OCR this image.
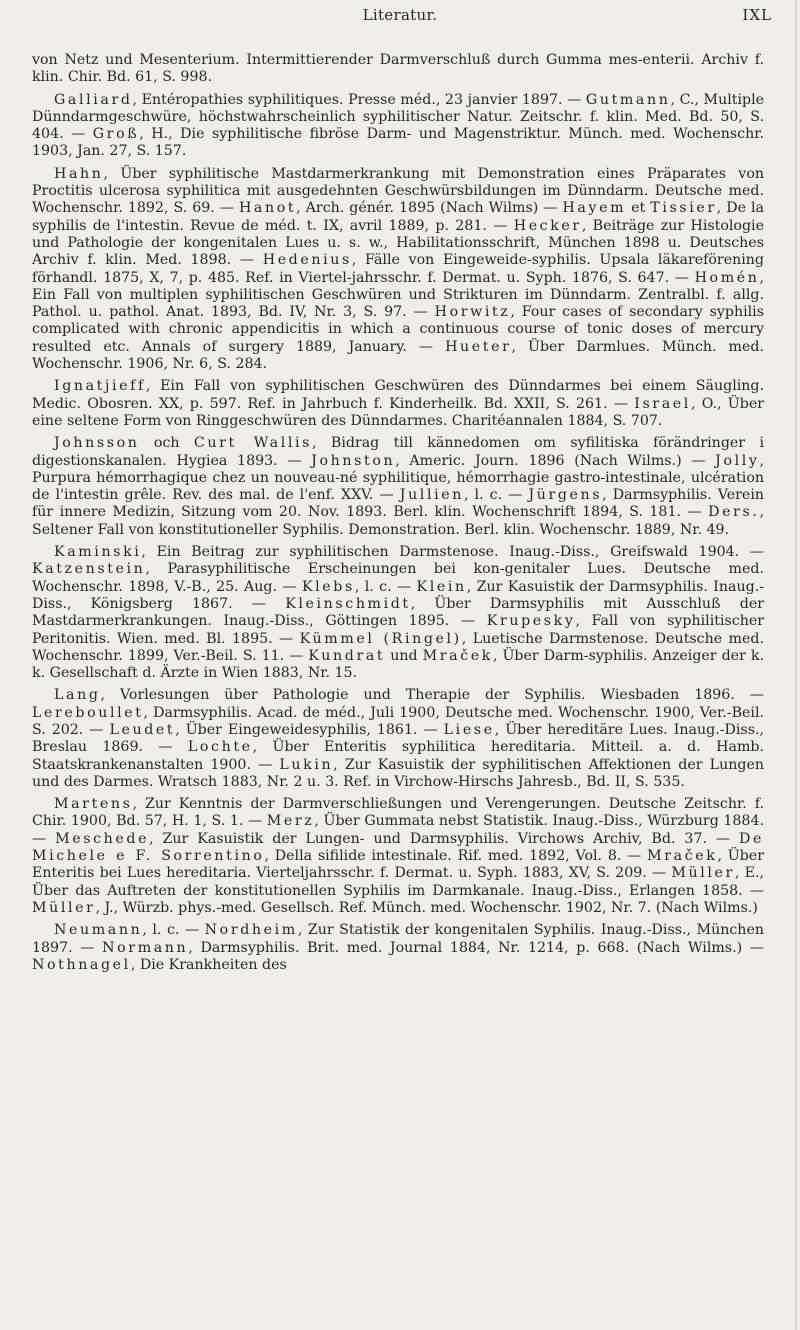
Literatur.	IXL

von Netz und Mesenterium. Intermittierender Darmverschluß durch Gumma mes-enterii. Archiv f. klin. Chir. Bd. 61, S. 998.

Galliard, Entéropathies syphilitiques. Presse méd., 23 janvier 1897. — Gutmann, C., Multiple Dünndarmgeschwüre, höchstwahrscheinlich syphilitischer Natur. Zeitschr. f. klin. Med. Bd. 50, S. 404. — Groß, H., Die syphilitische fibröse Darm- und Magenstriktur. Münch. med. Wochenschr. 1903, Jan. 27, S. 157.

Hahn, Über syphilitische Mastdarmerkrankung mit Demonstration eines Präparates von Proctitis ulcerosa syphilitica mit ausgedehnten Geschwürsbildungen im Dünndarm. Deutsche med. Wochenschr. 1892, S. 69. — Hanot, Arch. génér. 1895 (Nach Wilms) — Hayem et Tissier, De la syphilis de l'intestin. Revue de méd. t. IX, avril 1889, p. 281. — Hecker, Beiträge zur Histologie und Pathologie der kongenitalen Lues u. s. w., Habilitationsschrift, München 1898 u. Deutsches Archiv f. klin. Med. 1898. — Hedenius, Fälle von Eingeweide-syphilis. Upsala läkareförening förhandl. 1875, X, 7, p. 485. Ref. in Viertel-jahrsschr. f. Dermat. u. Syph. 1876, S. 647. — Homén, Ein Fall von multiplen syphilitischen Geschwüren und Strikturen im Dünndarm. Zentralbl. f. allg. Pathol. u. pathol. Anat. 1893, Bd. IV, Nr. 3, S. 97. — Horwitz, Four cases of secondary syphilis complicated with chronic appendicitis in which a continuous course of tonic doses of mercury resulted etc. Annals of surgery 1889, January. — Hueter, Über Darmlues. Münch. med. Wochenschr. 1906, Nr. 6, S. 284.

Ignatjieff, Ein Fall von syphilitischen Geschwüren des Dünndarmes bei einem Säugling. Medic. Obosren. XX, p. 597. Ref. in Jahrbuch f. Kinderheilk. Bd. XXII, S. 261. — Israel, O., Über eine seltene Form von Ringgeschwüren des Dünndarmes. Charitéannalen 1884, S. 707.

Johnsson och Curt Wallis, Bidrag till kännedomen om syfilitiska förändringer i digestionskanalen. Hygiea 1893. — Johnston, Americ. Journ. 1896 (Nach Wilms.) — Jolly, Purpura hémorrhagique chez un nouveau-né syphilitique, hémorrhagie gastro-intestinale, ulcération de l'intestin grêle. Rev. des mal. de l'enf. XXV. — Jullien, l. c. — Jürgens, Darmsyphilis. Verein für innere Medizin, Sitzung vom 20. Nov. 1893. Berl. klin. Wochenschrift 1894, S. 181. — Ders., Seltener Fall von konstitutioneller Syphilis. Demonstration. Berl. klin. Wochenschr. 1889, Nr. 49.

Kaminski, Ein Beitrag zur syphilitischen Darmstenose. Inaug.-Diss., Greifswald 1904. — Katzenstein, Parasyphilitische Erscheinungen bei kon-genitaler Lues. Deutsche med. Wochenschr. 1898, V.-B., 25. Aug. — Klebs, l. c. — Klein, Zur Kasuistik der Darmsyphilis. Inaug.-Diss., Königsberg 1867. — Kleinschmidt, Über Darmsyphilis mit Ausschluß der Mastdarmerkrankungen. Inaug.-Diss., Göttingen 1895. — Krupesky, Fall von syphilitischer Peritonitis. Wien. med. Bl. 1895. — Kümmel (Ringel), Luetische Darmstenose. Deutsche med. Wochenschr. 1899, Ver.-Beil. S. 11. — Kundrat und Mraček, Über Darm-syphilis. Anzeiger der k. k. Gesellschaft d. Ärzte in Wien 1883, Nr. 15.

Lang, Vorlesungen über Pathologie und Therapie der Syphilis. Wiesbaden 1896. — Lereboullet, Darmsyphilis. Acad. de méd., Juli 1900, Deutsche med. Wochenschr. 1900, Ver.-Beil. S. 202. — Leudet, Über Eingeweidesyphilis, 1861. — Liese, Über hereditäre Lues. Inaug.-Diss., Breslau 1869. — Lochte, Über Enteritis syphilitica hereditaria. Mitteil. a. d. Hamb. Staatskrankenanstalten 1900. — Lukin, Zur Kasuistik der syphilitischen Affektionen der Lungen und des Darmes. Wratsch 1883, Nr. 2 u. 3. Ref. in Virchow-Hirschs Jahresb., Bd. II, S. 535.

Martens, Zur Kenntnis der Darmverschließungen und Verengerungen. Deutsche Zeitschr. f. Chir. 1900, Bd. 57, H. 1, S. 1. — Merz, Über Gummata nebst Statistik. Inaug.-Diss., Würzburg 1884. — Meschede, Zur Kasuistik der Lungen- und Darmsyphilis. Virchows Archiv, Bd. 37. — De Michele e F. Sorrentino, Della sifilide intestinale. Rif. med. 1892, Vol. 8. — Mraček, Über Enteritis bei Lues hereditaria. Vierteljahrsschr. f. Dermat. u. Syph. 1883, XV, S. 209. — Müller, E., Über das Auftreten der konstitutionellen Syphilis im Darmkanale. Inaug.-Diss., Erlangen 1858. — Müller, J., Würzb. phys.-med. Gesellsch. Ref. Münch. med. Wochenschr. 1902, Nr. 7. (Nach Wilms.)

Neumann, l. c. — Nordheim, Zur Statistik der kongenitalen Syphilis. Inaug.-Diss., München 1897. — Normann, Darmsyphilis. Brit. med. Journal 1884, Nr. 1214, p. 668. (Nach Wilms.) — Nothnagel, Die Krankheiten des
